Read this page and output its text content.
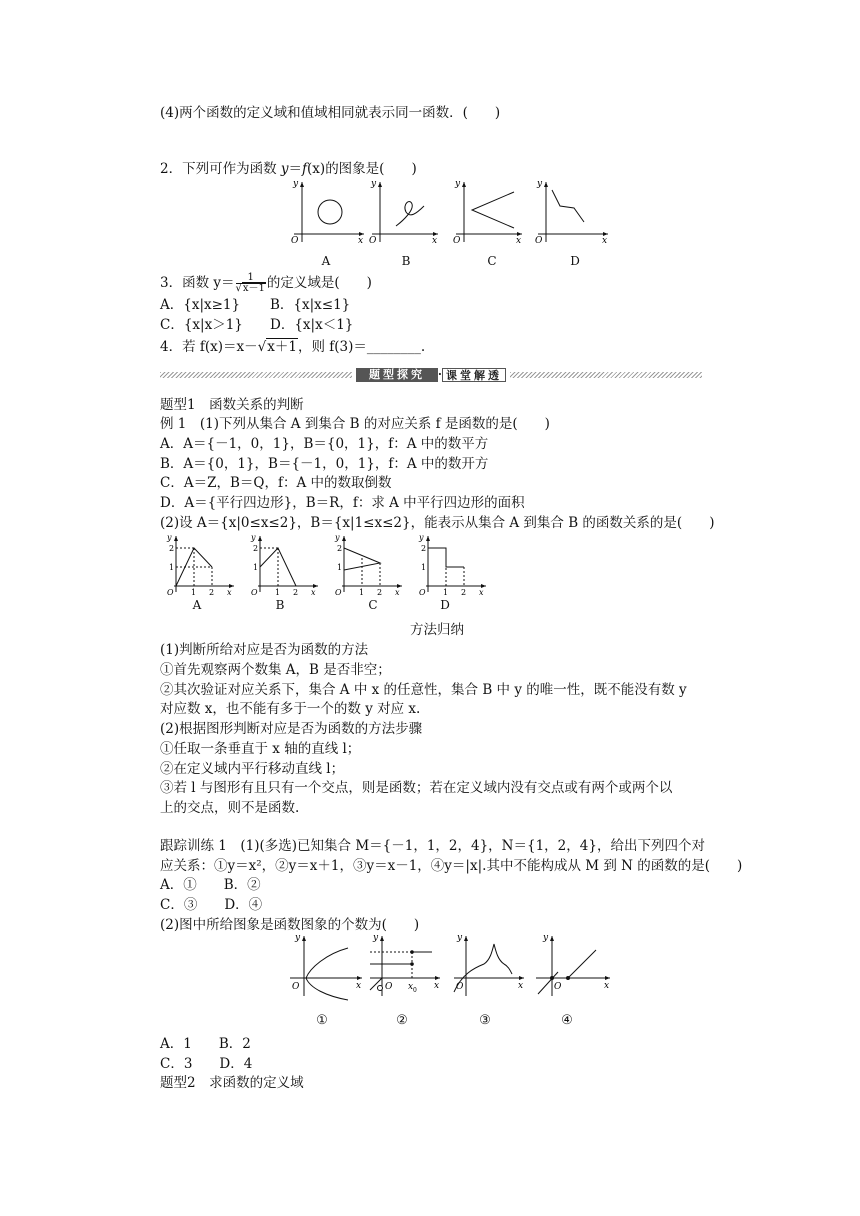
(4)两个函数的定义域和值域相同就表示同一函数．(　　)
2．下列可作为函数 y＝f(x)的图象是(　　)
y
O	x
y
O	x
y
O	x
y
O	x
A	B	C	D
3．函数 $y= \frac{1}{√x-1}$ 的定义域是(　　)
A．{x|x≥1} B．{x|x≤1}
C．{x|x＞1} D．{x|x＜1}
4．若 f(x)＝x－√x＋1，则 f(3)＝________.
题型探究	· 课堂解透
题型1　函数关系的判断
例 1　(1)下列从集合 A 到集合 B 的对应关系 f 是函数的是(　　)
A．A＝{－1，0，1}，B＝{0，1}，f：A 中的数平方
B．A＝{0，1}，B＝{－1，0，1}，f：A 中的数开方
C．A＝Z，B＝Q，f：A 中的数取倒数
D．A＝{平行四边形}，B＝R，f：求 A 中平行四边形的面积
(2)设 A＝{x|0≤x≤2}，B＝{x|1≤x≤2}，能表示从集合 A 到集合 B 的函数关系的是(　　)
y
2
1
O 1 2 x
y
2
1
O 1 2 x
y
2
1
O 1 2 x
y
2
1
O 1 2 x
A	B	C	D
方法归纳
(1)判断所给对应是否为函数的方法
①首先观察两个数集 A，B 是否非空；
②其次验证对应关系下，集合 A 中 x 的任意性，集合 B 中 y 的唯一性，既不能没有数 y
对应数 x，也不能有多于一个的数 y 对应 x.
(2)根据图形判断对应是否为函数的方法步骤
①任取一条垂直于 x 轴的直线 l；
②在定义域内平行移动直线 l；
③若 l 与图形有且只有一个交点，则是函数；若在定义域内没有交点或有两个或两个以
上的交点，则不是函数.
跟踪训练 1　(1)(多选)已知集合 M＝{－1，1，2，4}，N＝{1，2，4}，给出下列四个对
应关系：①y＝x²，②y＝x＋1，③y＝x－1，④y＝|x|.其中不能构成从 M 到 N 的函数的是(　　)
A．①　　B．②
C．③　　D．④
(2)图中所给图象是函数图象的个数为(　　)
y
O	x
y
O x 0 x
y
O	x
y
O	x
①	②	③	④
A．1　　B．2
C．3　　D．4
题型2　求函数的定义域
